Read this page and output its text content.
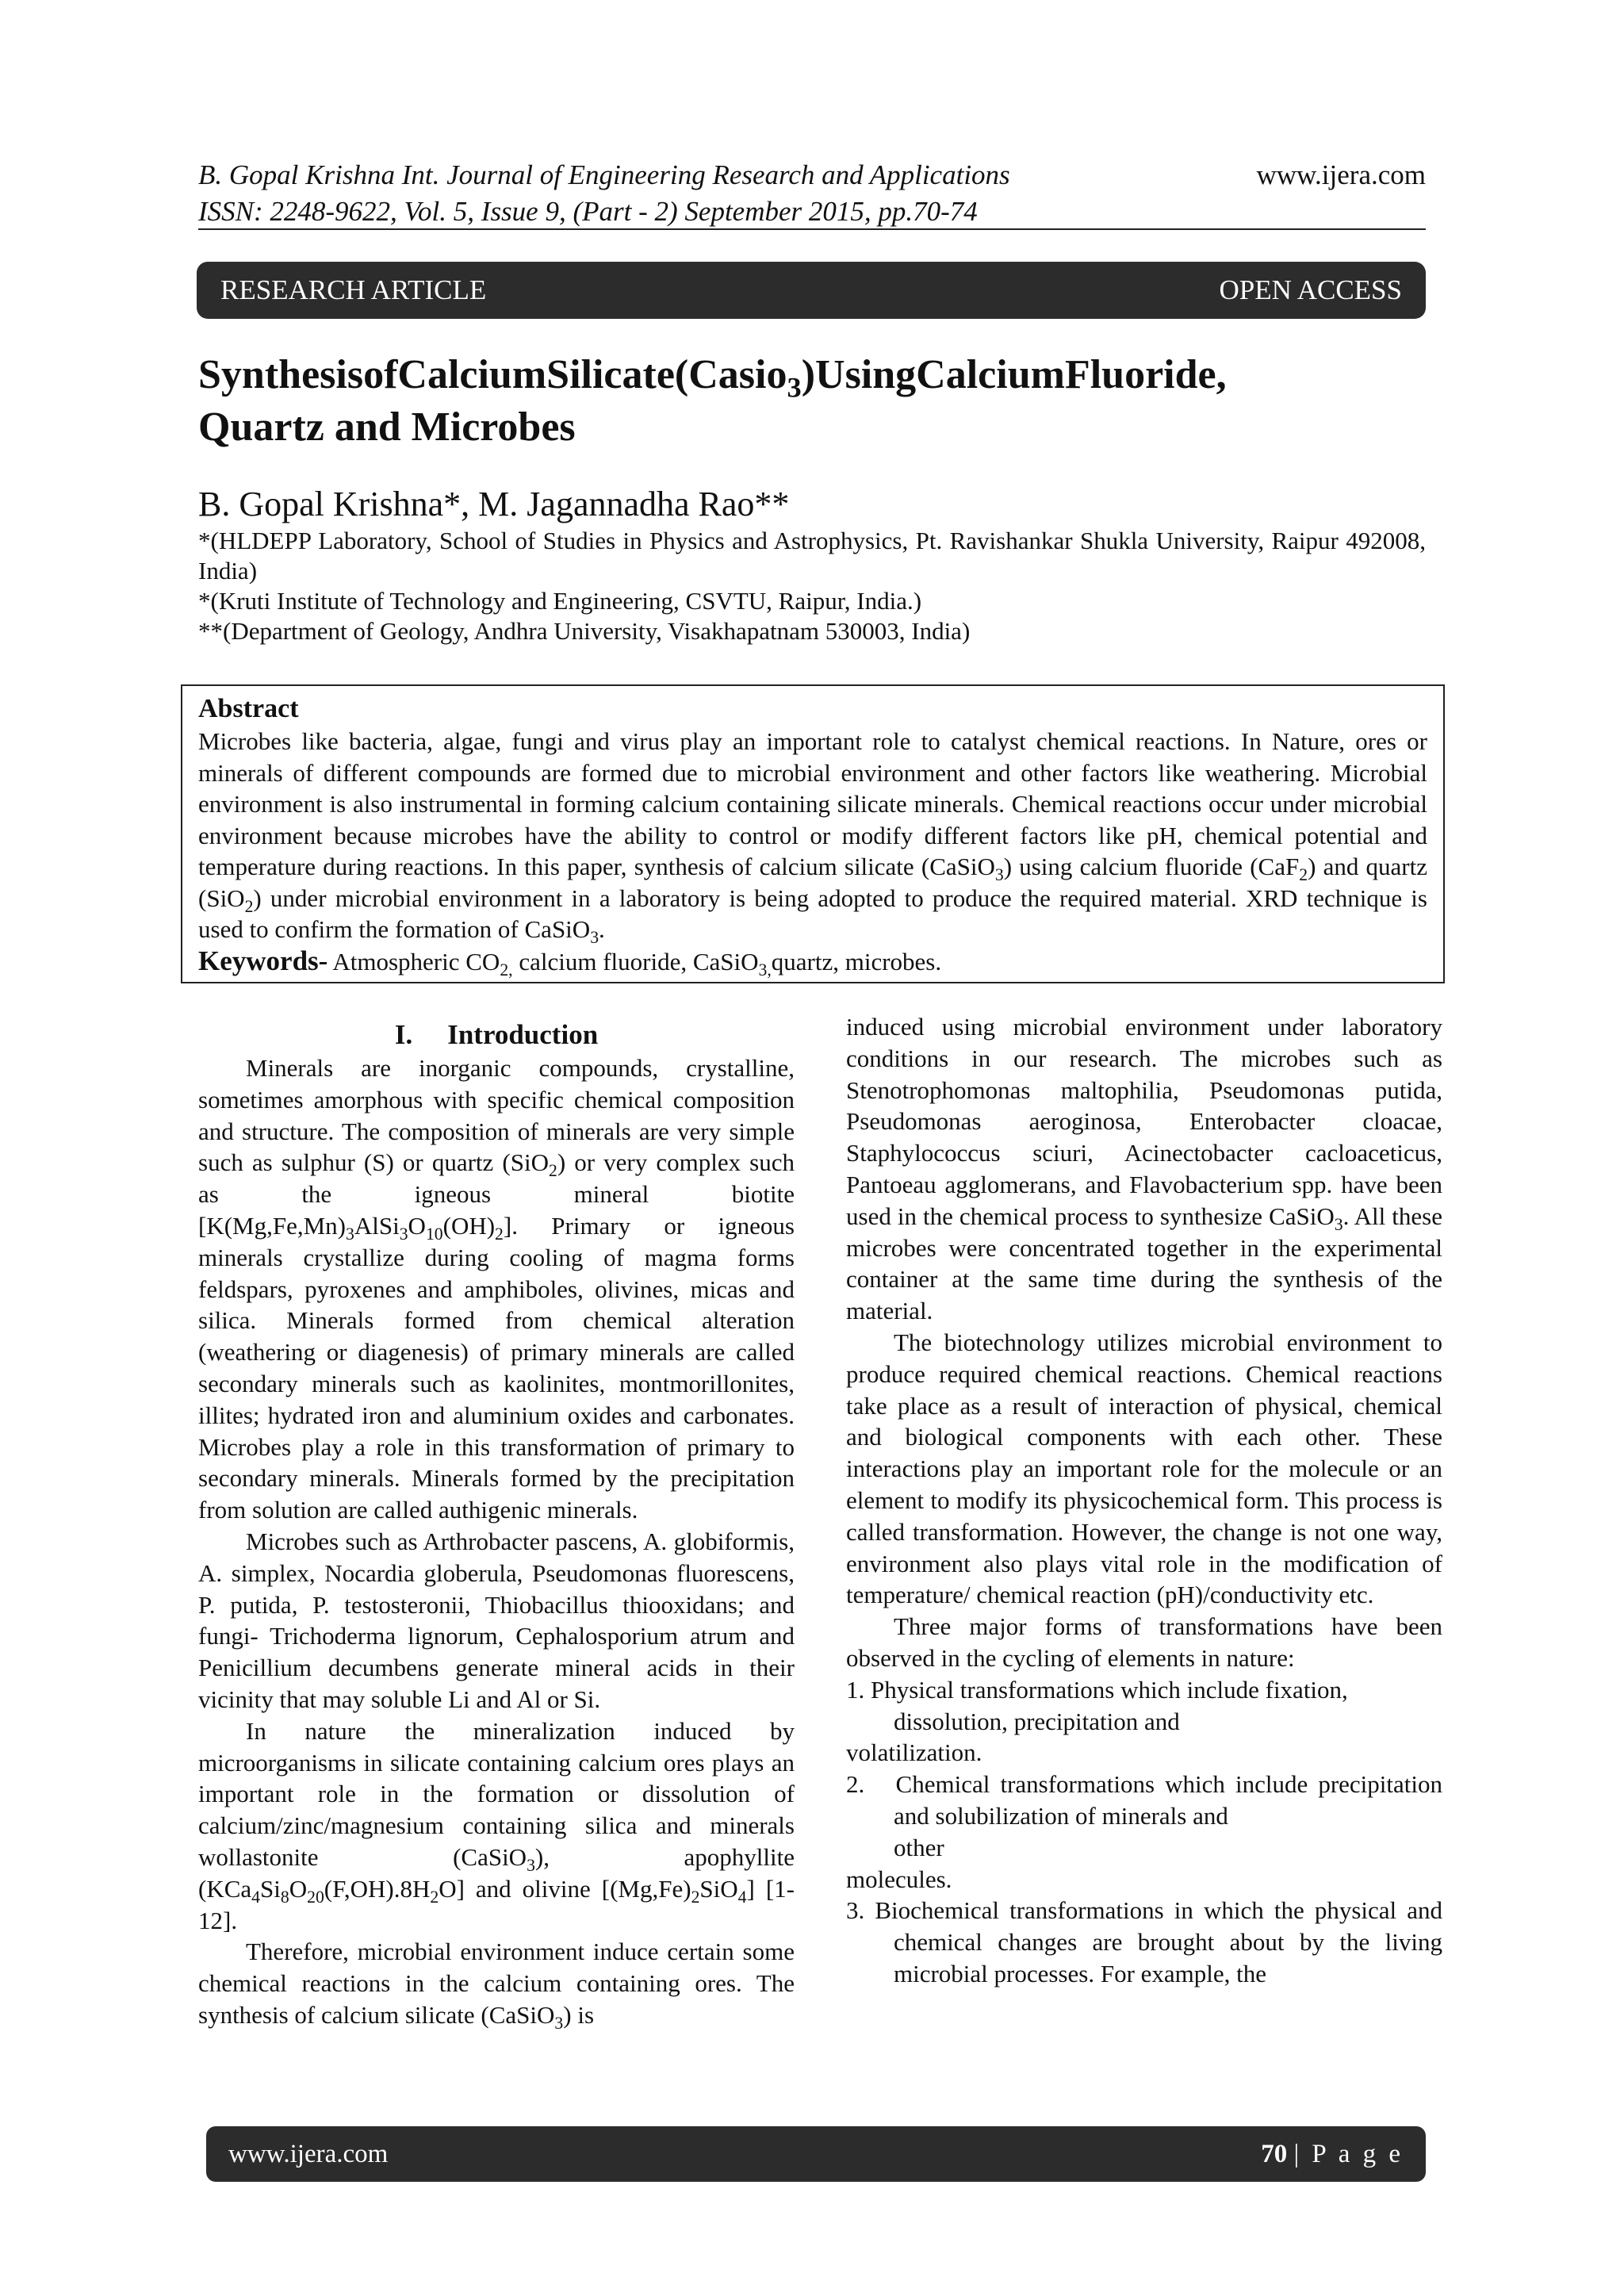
B. Gopal Krishna Int. Journal of Engineering Research and Applications
ISSN: 2248-9622, Vol. 5, Issue 9, (Part - 2) September 2015, pp.70-74
www.ijera.com
RESEARCH ARTICLE	OPEN ACCESS
Synthesis of Calcium Silicate (Casio$_3$) Using Calcium Fluoride,
Quartz and Microbes
B. Gopal Krishna*, M. Jagannadha Rao**

*(HLDEPP Laboratory, School of Studies in Physics and Astrophysics, Pt. Ravishankar Shukla University, Raipur 492008, India)

*(Kruti Institute of Technology and Engineering, CSVTU, Raipur, India.)

**(Department of Geology, Andhra University, Visakhapatnam 530003, India)

Abstract

Microbes like bacteria, algae, fungi and virus play an important role to catalyst chemical reactions. In Nature, ores or minerals of different compounds are formed due to microbial environment and other factors like weathering. Microbial environment is also instrumental in forming calcium containing silicate minerals. Chemical reactions occur under microbial environment because microbes have the ability to control or modify different factors like pH, chemical potential and temperature during reactions. In this paper, synthesis of calcium silicate (CaSiO$_3$) using calcium fluoride (CaF$_2$) and quartz (SiO$_2$) under microbial environment in a laboratory is being adopted to produce the required material. XRD technique is used to confirm the formation of CaSiO$_3$.

Keywords- Atmospheric $CO_{2,}$ calcium fluoride, CaSiO$_{3,}$quartz, microbes.

I. Introduction

Minerals are inorganic compounds, crystalline, sometimes amorphous with specific chemical composition and structure. The composition of minerals are very simple such as sulphur (S) or quartz (SiO$_2$) or very complex such as the igneous mineral biotite $[K(Mg,Fe,Mn)_3AlSi_3O_{10}(OH)_2]$. Primary or igneous minerals crystallize during cooling of magma forms feldspars, pyroxenes and amphiboles, olivines, micas and silica. Minerals formed from chemical alteration (weathering or diagenesis) of primary minerals are called secondary minerals such as kaolinites, montmorillonites, illites; hydrated iron and aluminium oxides and carbonates. Microbes play a role in this transformation of primary to secondary minerals. Minerals formed by the precipitation from solution are called authigenic minerals.

Microbes such as Arthrobacter pascens, A. globiformis, A. simplex, Nocardia globerula, Pseudomonas fluorescens, P. putida, P. testosteronii, Thiobacillus thiooxidans; and fungi- Trichoderma lignorum, Cephalosporium atrum and Penicillium decumbens generate mineral acids in their vicinity that may soluble Li and Al or Si.

In nature the mineralization induced by microorganisms in silicate containing calcium ores plays an important role in the formation or dissolution of calcium/zinc/magnesium containing silica and minerals wollastonite (CaSiO$_3$), apophyllite $(KCa_4Si_8O_{20}(F,OH).8H_2O]$ and olivine $[(Mg,Fe)_2SiO_4]$ [1-12].

Therefore, microbial environment induce certain some chemical reactions in the calcium containing ores. The synthesis of calcium silicate (CaSiO$_3$) is

induced using microbial environment under laboratory conditions in our research. The microbes such as Stenotrophomonas maltophilia, Pseudomonas putida, Pseudomonas aeroginosa, Enterobacter cloacae, Staphylococcus sciuri, Acinectobacter cacloaceticus, Pantoeau agglomerans, and Flavobacterium spp. have been used in the chemical process to synthesize CaSiO$_3$. All these microbes were concentrated together in the experimental container at the same time during the synthesis of the material.

The biotechnology utilizes microbial environment to produce required chemical reactions. Chemical reactions take place as a result of interaction of physical, chemical and biological components with each other. These interactions play an important role for the molecule or an element to modify its physicochemical form. This process is called transformation. However, the change is not one way, environment also plays vital role in the modification of temperature/ chemical reaction (pH)/conductivity etc.

Three major forms of transformations have been observed in the cycling of elements in nature:

1. Physical transformations which include fixation,

dissolution, precipitation and

volatilization.

2.   Chemical transformations which include precipitation and solubilization of minerals and

other

molecules.

3. Biochemical transformations in which the physical and chemical changes are brought about by the living microbial processes. For example, the

www.ijera.com	70 | P a g e
